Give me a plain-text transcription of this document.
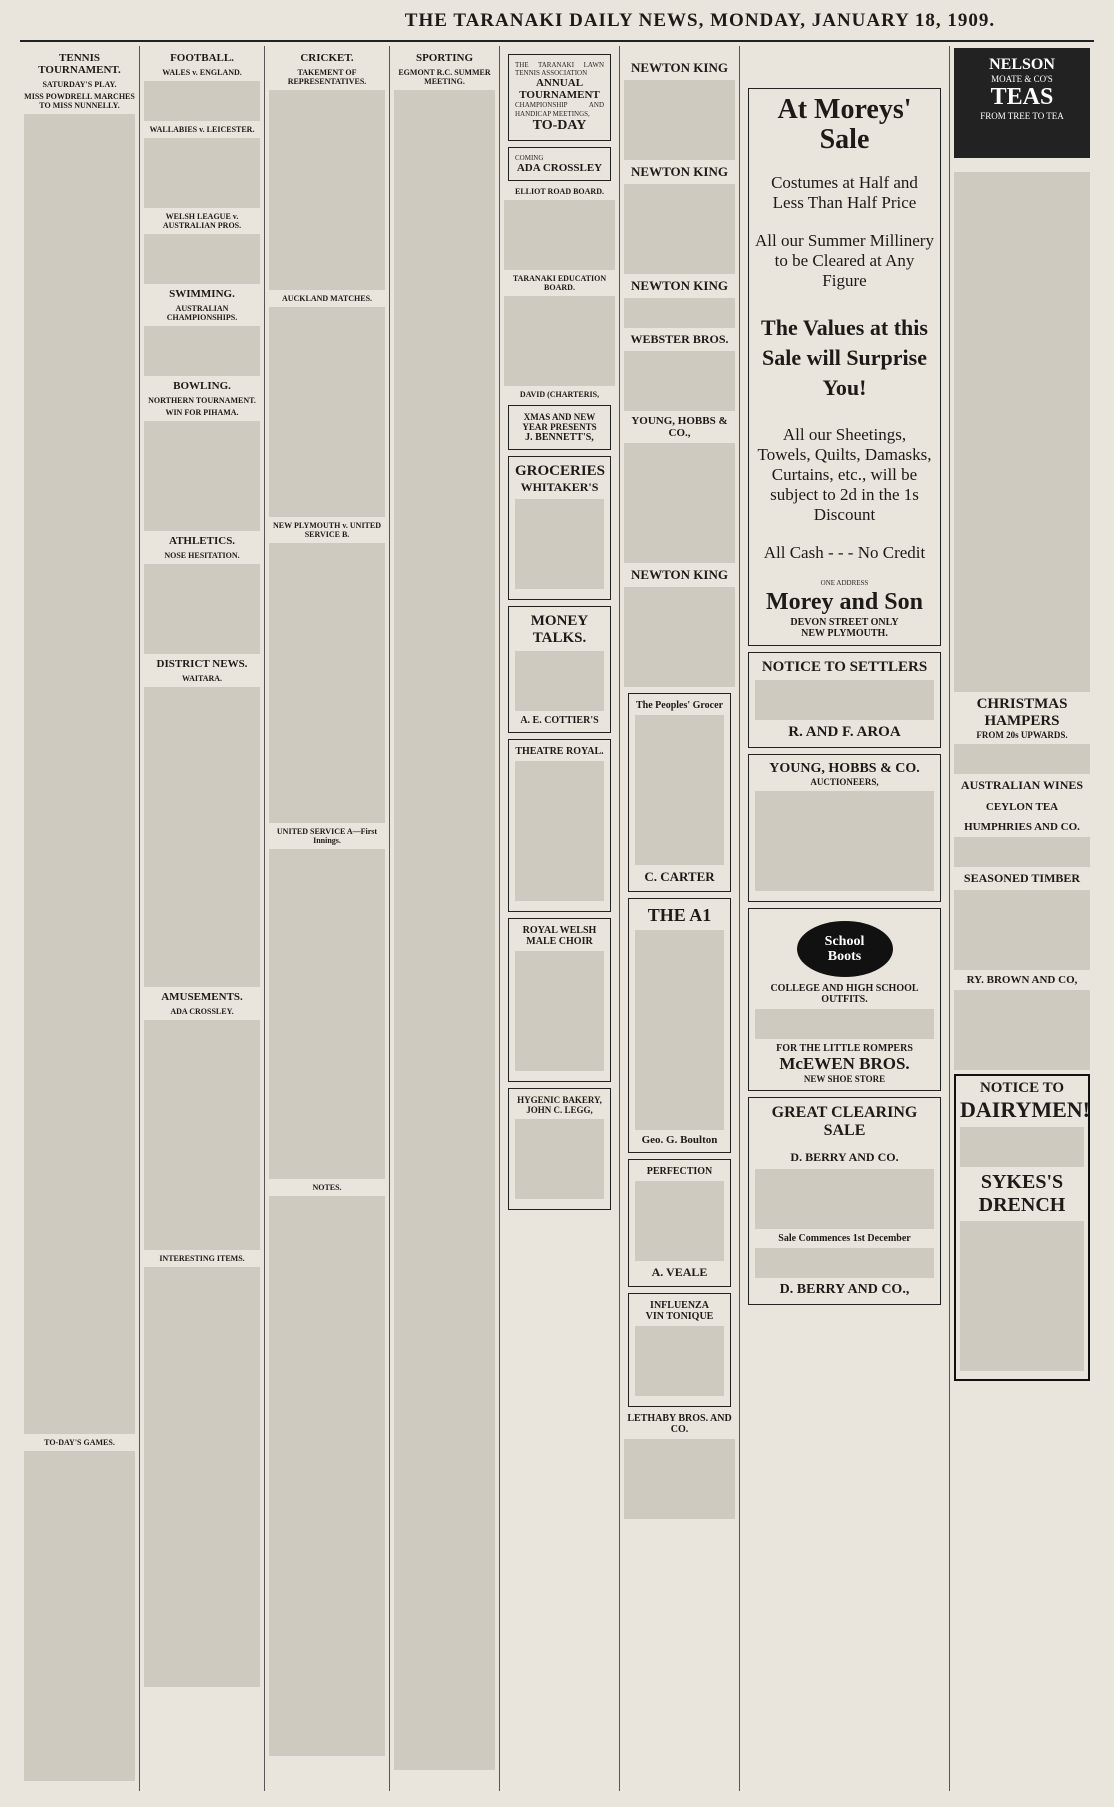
THE TARANAKI DAILY NEWS, MONDAY, JANUARY 18, 1909.
TENNIS TOURNAMENT.
SATURDAY'S PLAY.
MISS POWDRELL MARCHES TO MISS NUNNELLY.
TO-DAY'S GAMES.
FOOTBALL.
WALES v. ENGLAND.
WALLABIES v. LEICESTER.
WELSH LEAGUE v. AUSTRALIAN PROS.
SWIMMING.
AUSTRALIAN CHAMPIONSHIPS.
BOWLING.
NORTHERN TOURNAMENT.
WIN FOR PIHAMA.
ATHLETICS.
NOSE HESITATION.
DISTRICT NEWS.
WAITARA.
AMUSEMENTS.
ADA CROSSLEY.
INTERESTING ITEMS.
CRICKET.
TAKEMENT OF REPRESENTATIVES.
AUCKLAND MATCHES.
NEW PLYMOUTH v. UNITED SERVICE B.
UNITED SERVICE A—First Innings.
NOTES.
SPORTING
EGMONT R.C. SUMMER MEETING.
THE TARANAKI LAWN TENNIS ASSOCIATION
ANNUAL TOURNAMENT
CHAMPIONSHIP AND HANDICAP MEETINGS,
TO-DAY
COMING
ADA CROSSLEY
ELLIOT ROAD BOARD.
TARANAKI EDUCATION BOARD.
DAVID (CHARTERIS,
XMAS AND NEW YEAR PRESENTS
J. BENNETT'S,
GROCERIES
WHITAKER'S
MONEY TALKS.
A. E. COTTIER'S
THEATRE ROYAL.
ROYAL WELSH MALE CHOIR
HYGENIC BAKERY,
JOHN C. LEGG,
NEWTON KING
NEWTON KING
NEWTON KING
WEBSTER BROS.
YOUNG, HOBBS & CO.,
NEWTON KING
The Peoples' Grocer
C. CARTER
THE A1
Geo. G. Boulton
PERFECTION
A. VEALE
INFLUENZA
VIN TONIQUE
LETHABY BROS. AND CO.
At Moreys' Sale
Costumes at Half and Less Than Half Price
All our Summer Millinery to be Cleared at Any Figure
The Values at this Sale will Surprise You!
All our Sheetings, Towels, Quilts, Damasks, Curtains, etc., will be subject to 2d in the 1s Discount
All Cash - - - No Credit
ONE ADDRESS
Morey and Son
DEVON STREET ONLY
NEW PLYMOUTH.
NOTICE TO SETTLERS
R. AND F. AROA
YOUNG, HOBBS & CO.
AUCTIONEERS,
School
Boots
COLLEGE AND HIGH SCHOOL OUTFITS.
FOR THE LITTLE ROMPERS
McEWEN BROS.
NEW SHOE STORE
GREAT CLEARING SALE
D. BERRY AND CO.
Sale Commences 1st December
D. BERRY AND CO.,
NELSON
MOATE & CO'S
TEAS
FROM TREE TO TEA
CHRISTMAS HAMPERS
FROM 20s UPWARDS.
AUSTRALIAN WINES
CEYLON TEA
HUMPHRIES AND CO.
SEASONED TIMBER
RY. BROWN AND CO,
NOTICE TO
DAIRYMEN!
SYKES'S
DRENCH
